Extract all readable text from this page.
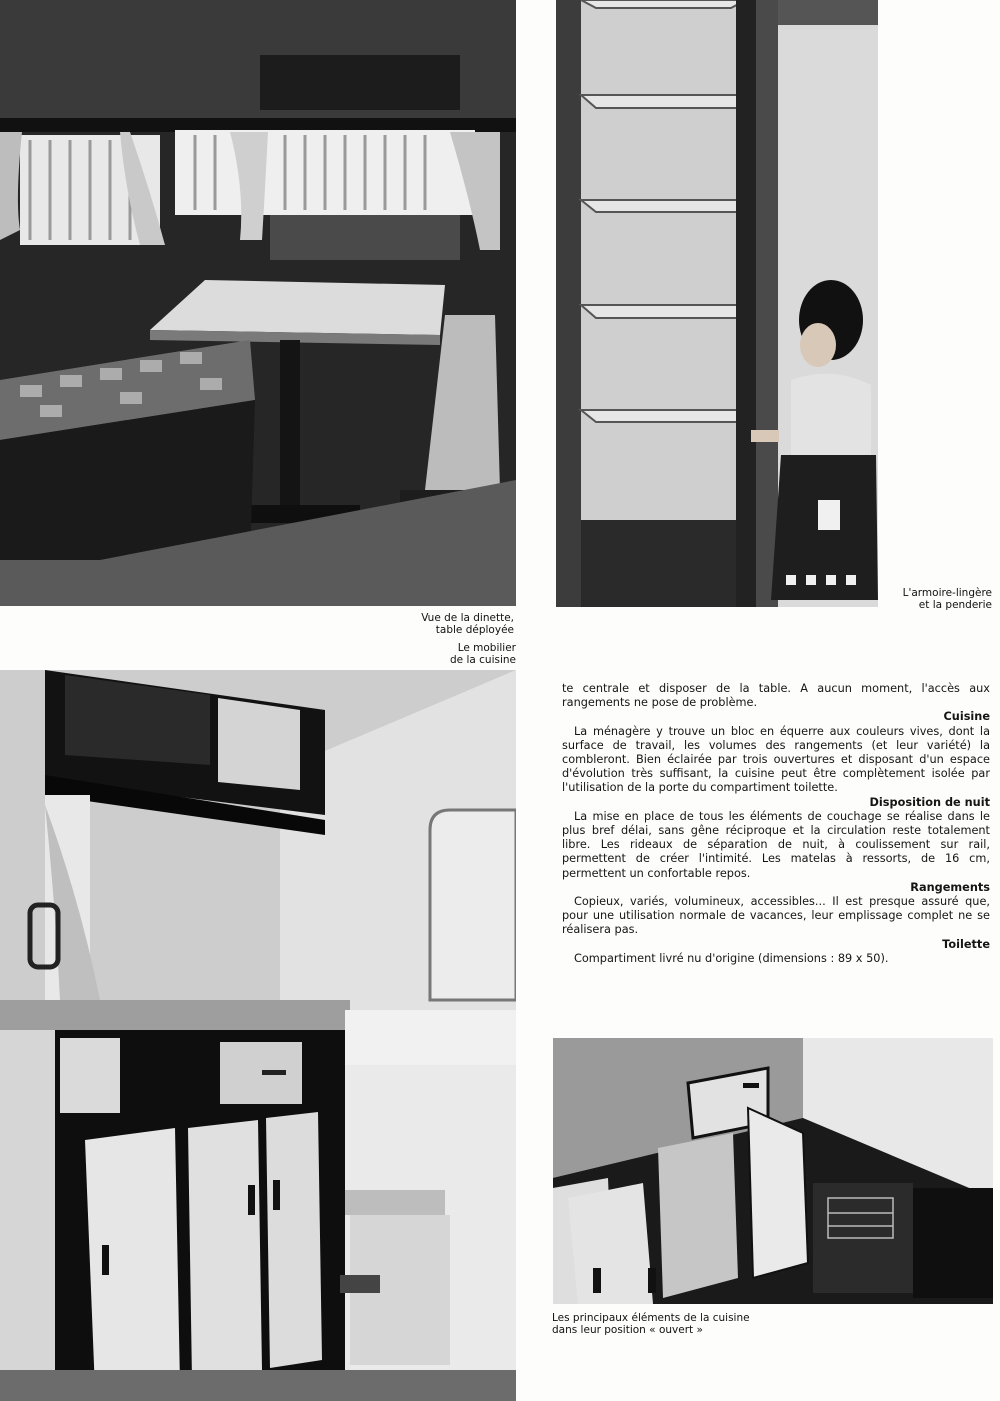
Vue de la dinette,
table déployée
L'armoire-lingère
et la penderie
Le mobilier
de la cuisine

te centrale et disposer de la table. A aucun moment, l'accès aux rangements ne pose de problème.

Cuisine

La ménagère y trouve un bloc en équerre aux couleurs vives, dont la surface de travail, les volumes des rangements (et leur variété) la combleront. Bien éclairée par trois ouvertures et disposant d'un espace d'évolution très suffisant, la cuisine peut être complètement isolée par l'utilisation de la porte du compartiment toilette.

Disposition de nuit

La mise en place de tous les éléments de couchage se réalise dans le plus bref délai, sans gêne réciproque et la circulation reste totalement libre. Les rideaux de séparation de nuit, à coulissement sur rail, permettent de créer l'intimité. Les matelas à ressorts, de 16 cm, permettent un confortable repos.

Rangements

Copieux, variés, volumineux, accessibles... Il est presque assuré que, pour une utilisation normale de vacances, leur emplissage complet ne se réalisera pas.

Toilette

Compartiment livré nu d'origine (dimensions : 89 x 50).

Les principaux éléments de la cuisine
dans leur position « ouvert »
